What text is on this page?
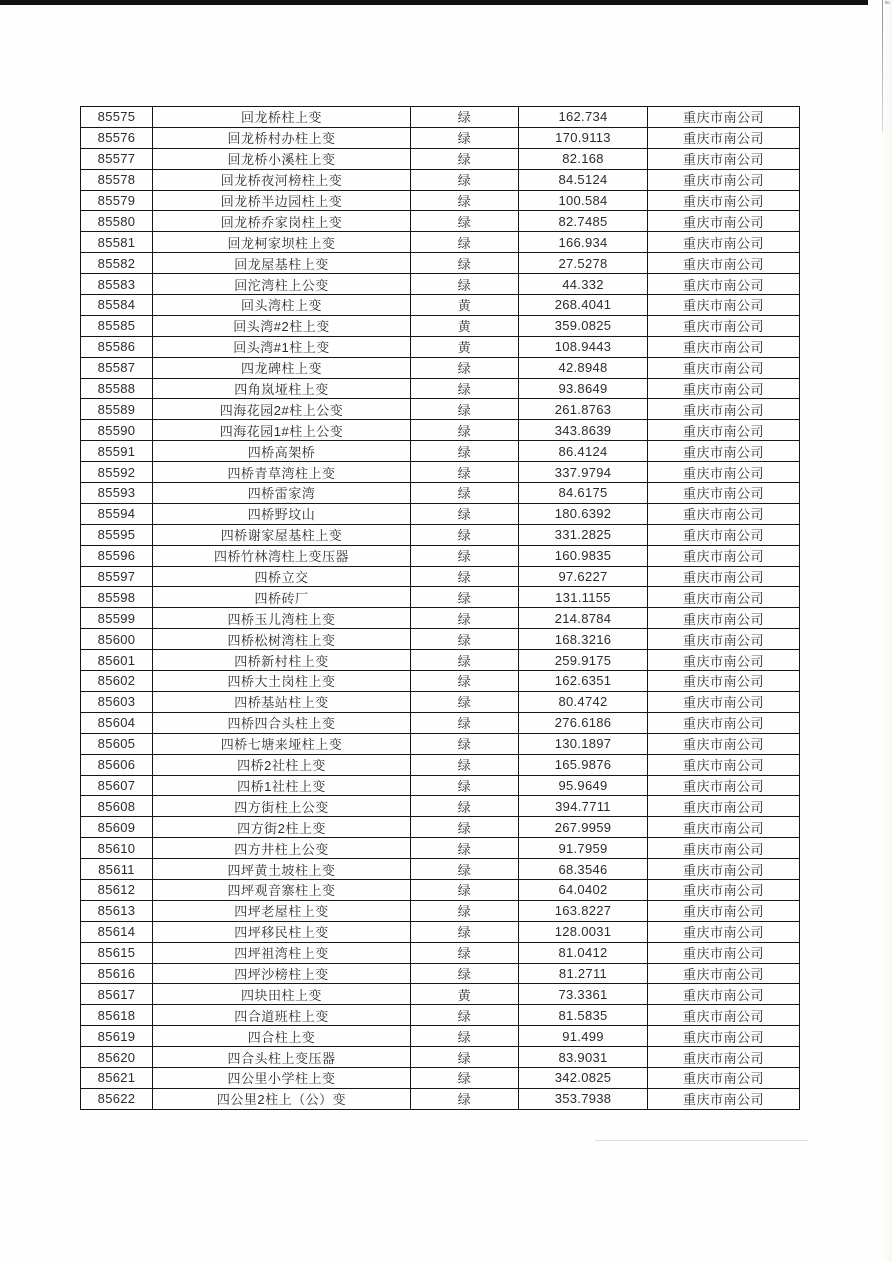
85575	回龙桥柱上变	绿	162.734	重庆市南公司
85576	回龙桥村办柱上变	绿	170.9113	重庆市南公司
85577	回龙桥小溪柱上变	绿	82.168	重庆市南公司
85578	回龙桥夜河榜柱上变	绿	84.5124	重庆市南公司
85579	回龙桥半边园柱上变	绿	100.584	重庆市南公司
85580	回龙桥乔家岗柱上变	绿	82.7485	重庆市南公司
85581	回龙柯家坝柱上变	绿	166.934	重庆市南公司
85582	回龙屋基柱上变	绿	27.5278	重庆市南公司
85583	回沱湾柱上公变	绿	44.332	重庆市南公司
85584	回头湾柱上变	黄	268.4041	重庆市南公司
85585	回头湾#2柱上变	黄	359.0825	重庆市南公司
85586	回头湾#1柱上变	黄	108.9443	重庆市南公司
85587	四龙碑柱上变	绿	42.8948	重庆市南公司
85588	四角岚垭柱上变	绿	93.8649	重庆市南公司
85589	四海花园2#柱上公变	绿	261.8763	重庆市南公司
85590	四海花园1#柱上公变	绿	343.8639	重庆市南公司
85591	四桥高架桥	绿	86.4124	重庆市南公司
85592	四桥青草湾柱上变	绿	337.9794	重庆市南公司
85593	四桥雷家湾	绿	84.6175	重庆市南公司
85594	四桥野坟山	绿	180.6392	重庆市南公司
85595	四桥谢家屋基柱上变	绿	331.2825	重庆市南公司
85596	四桥竹林湾柱上变压器	绿	160.9835	重庆市南公司
85597	四桥立交	绿	97.6227	重庆市南公司
85598	四桥砖厂	绿	131.1155	重庆市南公司
85599	四桥玉儿湾柱上变	绿	214.8784	重庆市南公司
85600	四桥松树湾柱上变	绿	168.3216	重庆市南公司
85601	四桥新村柱上变	绿	259.9175	重庆市南公司
85602	四桥大土岗柱上变	绿	162.6351	重庆市南公司
85603	四桥基站柱上变	绿	80.4742	重庆市南公司
85604	四桥四合头柱上变	绿	276.6186	重庆市南公司
85605	四桥七塘来垭柱上变	绿	130.1897	重庆市南公司
85606	四桥2社柱上变	绿	165.9876	重庆市南公司
85607	四桥1社柱上变	绿	95.9649	重庆市南公司
85608	四方街柱上公变	绿	394.7711	重庆市南公司
85609	四方街2柱上变	绿	267.9959	重庆市南公司
85610	四方井柱上公变	绿	91.7959	重庆市南公司
85611	四坪黄土坡柱上变	绿	68.3546	重庆市南公司
85612	四坪观音寨柱上变	绿	64.0402	重庆市南公司
85613	四坪老屋柱上变	绿	163.8227	重庆市南公司
85614	四坪移民柱上变	绿	128.0031	重庆市南公司
85615	四坪祖湾柱上变	绿	81.0412	重庆市南公司
85616	四坪沙榜柱上变	绿	81.2711	重庆市南公司
85617	四块田柱上变	黄	73.3361	重庆市南公司
85618	四合道班柱上变	绿	81.5835	重庆市南公司
85619	四合柱上变	绿	91.499	重庆市南公司
85620	四合头柱上变压器	绿	83.9031	重庆市南公司
85621	四公里小学柱上变	绿	342.0825	重庆市南公司
85622	四公里2柱上（公）变	绿	353.7938	重庆市南公司
